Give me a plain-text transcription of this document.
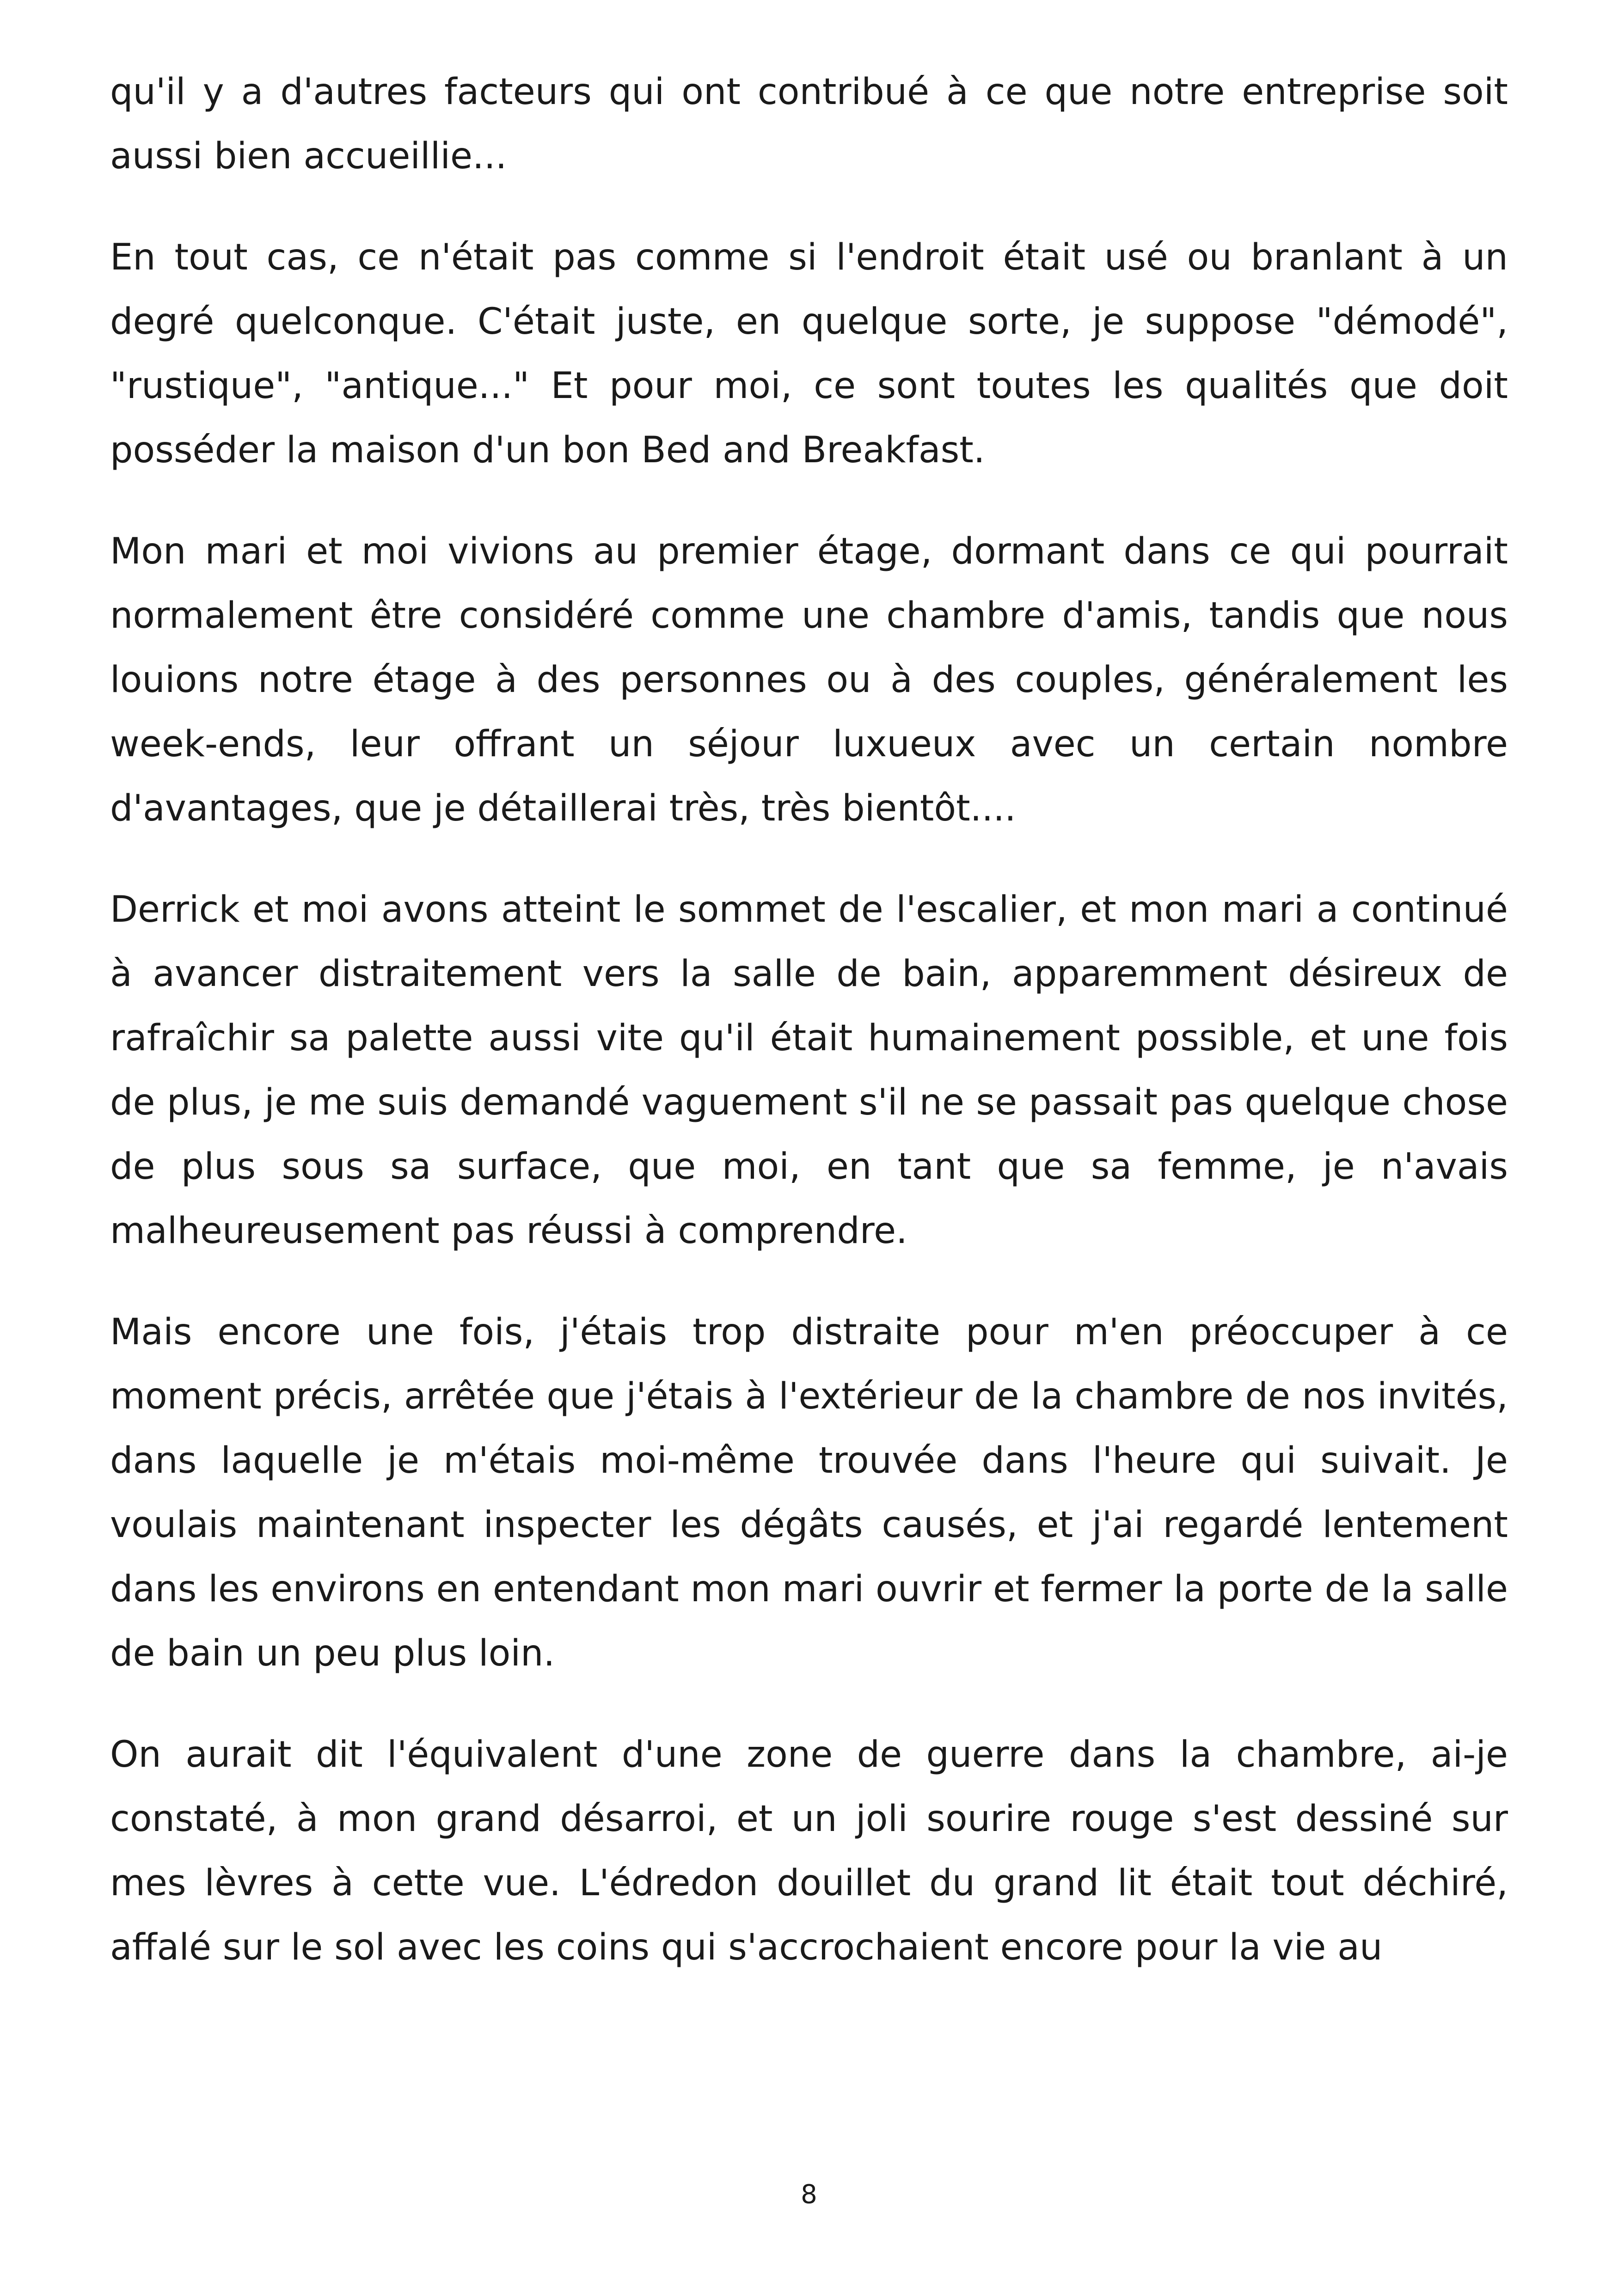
qu'il y a d'autres facteurs qui ont contribué à ce que notre entreprise soit aussi bien accueillie...

En tout cas, ce n'était pas comme si l'endroit était usé ou branlant à un degré quelconque. C'était juste, en quelque sorte, je suppose "démodé", "rustique", "antique..." Et pour moi, ce sont toutes les qualités que doit posséder la maison d'un bon Bed and Breakfast.

Mon mari et moi vivions au premier étage, dormant dans ce qui pourrait normalement être considéré comme une chambre d'amis, tandis que nous louions notre étage à des personnes ou à des couples, généralement les week-ends, leur offrant un séjour luxueux avec un certain nombre d'avantages, que je détaillerai très, très bientôt....

Derrick et moi avons atteint le sommet de l'escalier, et mon mari a continué à avancer distraitement vers la salle de bain, apparemment désireux de rafraîchir sa palette aussi vite qu'il était humainement possible, et une fois de plus, je me suis demandé vaguement s'il ne se passait pas quelque chose de plus sous sa surface, que moi, en tant que sa femme, je n'avais malheureusement pas réussi à comprendre.

Mais encore une fois, j'étais trop distraite pour m'en préoccuper à ce moment précis, arrêtée que j'étais à l'extérieur de la chambre de nos invités, dans laquelle je m'étais moi-même trouvée dans l'heure qui suivait. Je voulais maintenant inspecter les dégâts causés, et j'ai regardé lentement dans les environs en entendant mon mari ouvrir et fermer la porte de la salle de bain un peu plus loin.

On aurait dit l'équivalent d'une zone de guerre dans la chambre, ai-je constaté, à mon grand désarroi, et un joli sourire rouge s'est dessiné sur mes lèvres à cette vue. L'édredon douillet du grand lit était tout déchiré, affalé sur le sol avec les coins qui s'accrochaient encore pour la vie au

8
